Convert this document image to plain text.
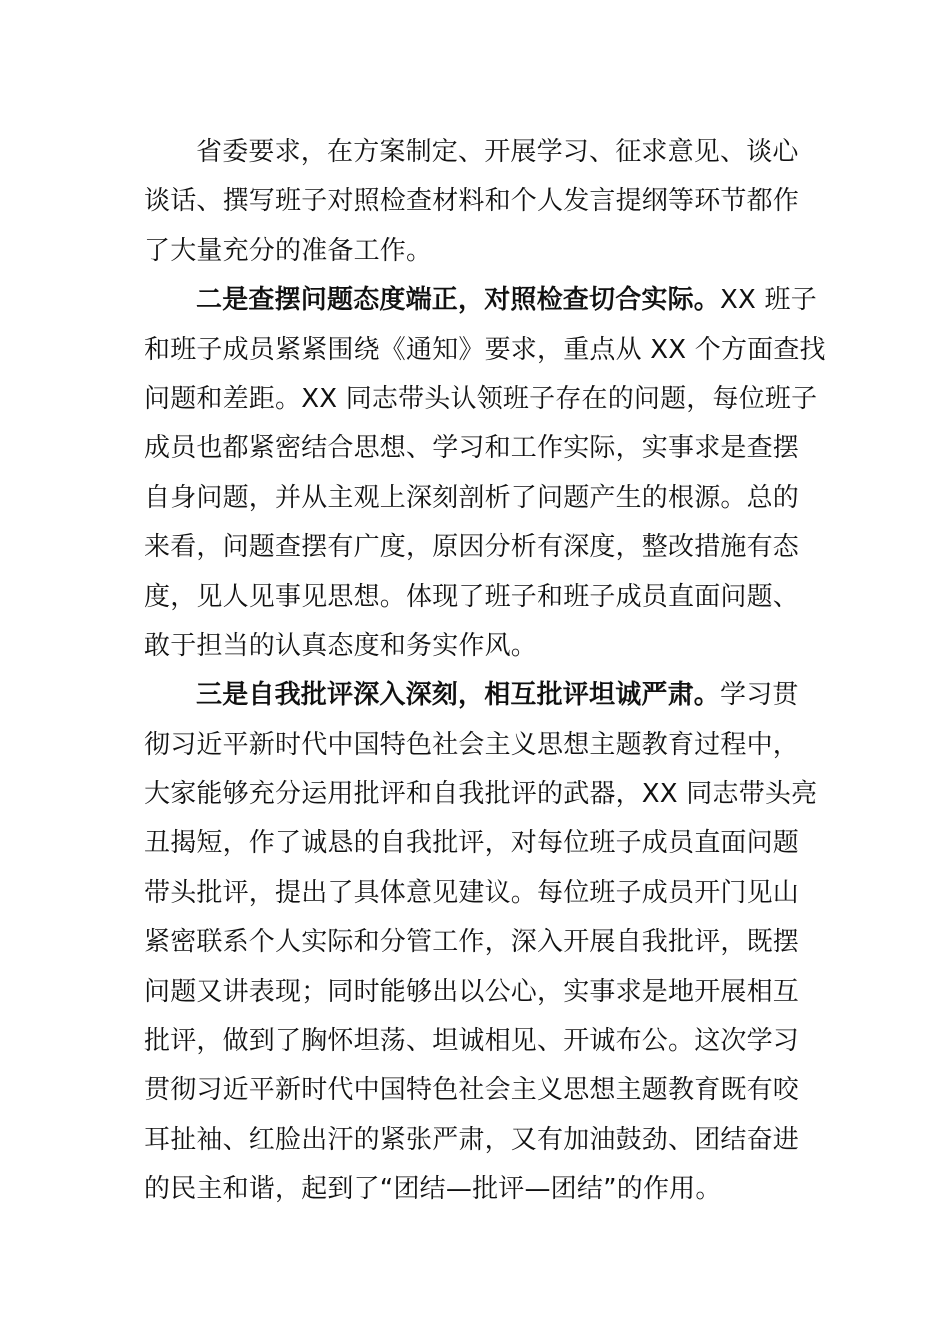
省委要求，在方案制定、开展学习、征求意见、谈心
谈话、撰写班子对照检查材料和个人发言提纲等环节都作
了大量充分的准备工作。
二是查摆问题态度端正，对照检查切合实际。XX 班子
和班子成员紧紧围绕《通知》要求，重点从 XX 个方面查找
问题和差距。XX 同志带头认领班子存在的问题，每位班子
成员也都紧密结合思想、学习和工作实际，实事求是查摆
自身问题，并从主观上深刻剖析了问题产生的根源。总的
来看，问题查摆有广度，原因分析有深度，整改措施有态
度，见人见事见思想。体现了班子和班子成员直面问题、
敢于担当的认真态度和务实作风。
三是自我批评深入深刻，相互批评坦诚严肃。学习贯
彻习近平新时代中国特色社会主义思想主题教育过程中，
大家能够充分运用批评和自我批评的武器，XX 同志带头亮
丑揭短，作了诚恳的自我批评，对每位班子成员直面问题
带头批评，提出了具体意见建议。每位班子成员开门见山
紧密联系个人实际和分管工作，深入开展自我批评，既摆
问题又讲表现；同时能够出以公心，实事求是地开展相互
批评，做到了胸怀坦荡、坦诚相见、开诚布公。这次学习
贯彻习近平新时代中国特色社会主义思想主题教育既有咬
耳扯袖、红脸出汗的紧张严肃，又有加油鼓劲、团结奋进
的民主和谐，起到了“团结—批评—团结”的作用。
